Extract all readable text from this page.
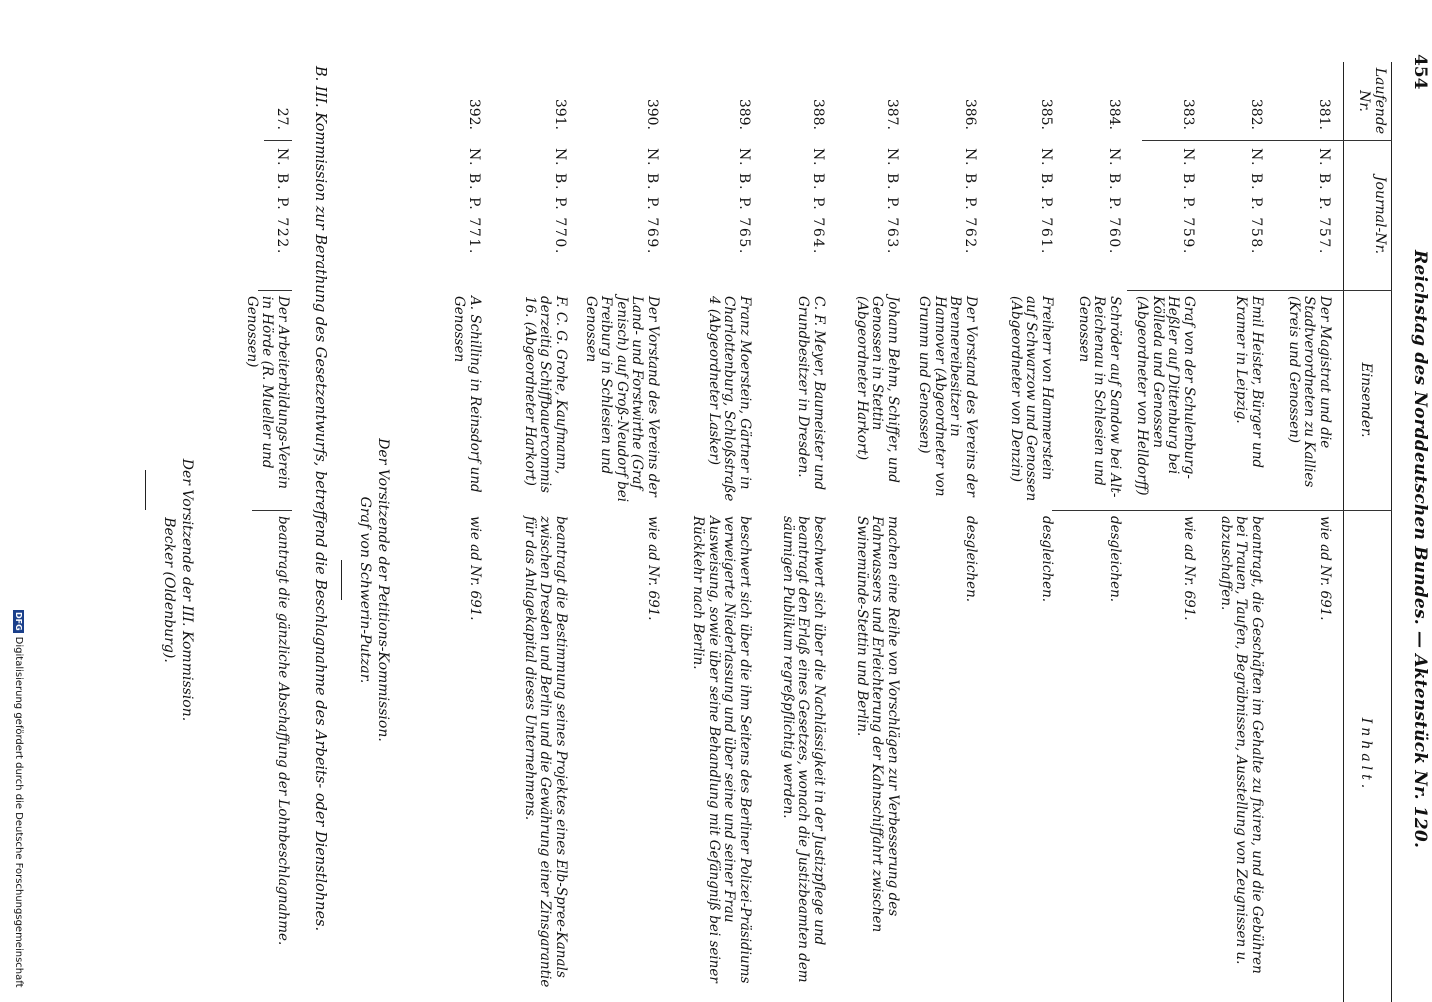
454
Reichstag des Norddeutschen Bundes. — Aktenstück Nr. 120.
Laufende Nr.
Journal-Nr.
Einsender.
Inhalt.
381.
N. B. P. 757.
Der Magistrat und die Stadtverordneten zu Kallies (Kreis und Genossen)
wie ad Nr. 691.
382.
N. B. P. 758.
Emil Heister, Bürger und Kramer in Leipzig.
beantragt, die Geschäften im Gehalte zu fixiren, und die Gebühren bei Trauen, Taufen, Begräbnissen, Ausstellung von Zeugnissen u. abzuschaffen.
383.
N. B. P. 759.
Graf von der Schulenburg-Heßler auf Dittenburg bei Kölleda und Genossen (Abgeordneter von Helldorff)
wie ad Nr. 691.
384.
N. B. P. 760.
Schröder auf Sandow bei Alt-Reichenau in Schlesien und Genossen
desgleichen.
385.
N. B. P. 761.
Freiherr von Hammerstein auf Schwarzow und Genossen (Abgeordneter von Denzin)
desgleichen.
386.
N. B. P. 762.
Der Vorstand des Vereins der Brennereibesitzer in Hannover (Abgeordneter von Grumm und Genossen)
desgleichen.
387.
N. B. P. 763.
Johann Behm, Schiffer, und Genossen in Stettin (Abgeordneter Harkort)
machen eine Reihe von Vorschlägen zur Verbesserung des Fahrwassers und Erleichterung der Kahnschiffahrt zwischen Swinemünde-Stettin und Berlin.
388.
N. B. P. 764.
C. F. Meyer, Baumeister und Grundbesitzer in Dresden.
beschwert sich über die Nachlässigkeit in der Justizpflege und beantragt den Erlaß eines Gesetzes, wonach die Justizbeamten dem säumigen Publikum regreßpflichtig werden.
389.
N. B. P. 765.
Franz Moerstein, Gärtner in Charlottenburg, Schloßstraße 4 (Abgeordneter Lasker)
beschwert sich über die ihm Seitens des Berliner Polizei-Präsidiums verweigerte Niederlassung und über seine und seiner Frau Ausweisung, sowie über seine Behandlung mit Gefängniß bei seiner Rückkehr nach Berlin.
390.
N. B. P. 769.
Der Vorstand des Vereins der Land- und Forstwirthe (Graf Jenisch) auf Groß-Neudorf bei Freiburg in Schlesien und Genossen
wie ad Nr. 691.
391.
N. B. P. 770.
F. C. G. Grohe, Kaufmann, derzeitig Schiffbauercommis 16. (Abgeordneter Harkort)
beantragt die Bestimmung seines Projektes eines Elb-Spree-Kanals zwischen Dresden und Berlin und die Gewährung einer Zinsgarantie für das Anlagekapital dieses Unternehmens.
392.
N. B. P. 771.
A. Schilling in Reinsdorf und Genossen
wie ad Nr. 691.
Der Vorsitzende der Petitions-Kommission.
Graf von Schwerin-Putzar.
B. III. Kommission zur Berathung des Gesetzentwurfs, betreffend die Beschlagnahme des Arbeits- oder Dienstlohnes.
27.
N. B. P. 722.
Der Arbeiterbildungs-Verein in Hörde (R. Mueller und Genossen)
beantragt die gänzliche Abschaffung der Lohnbeschlagnahme.
Der Vorsitzende der III. Kommission.
Becker (Oldenburg).
DFGDigitalisierung gefördert durch die Deutsche Forschungsgemeinschaft
